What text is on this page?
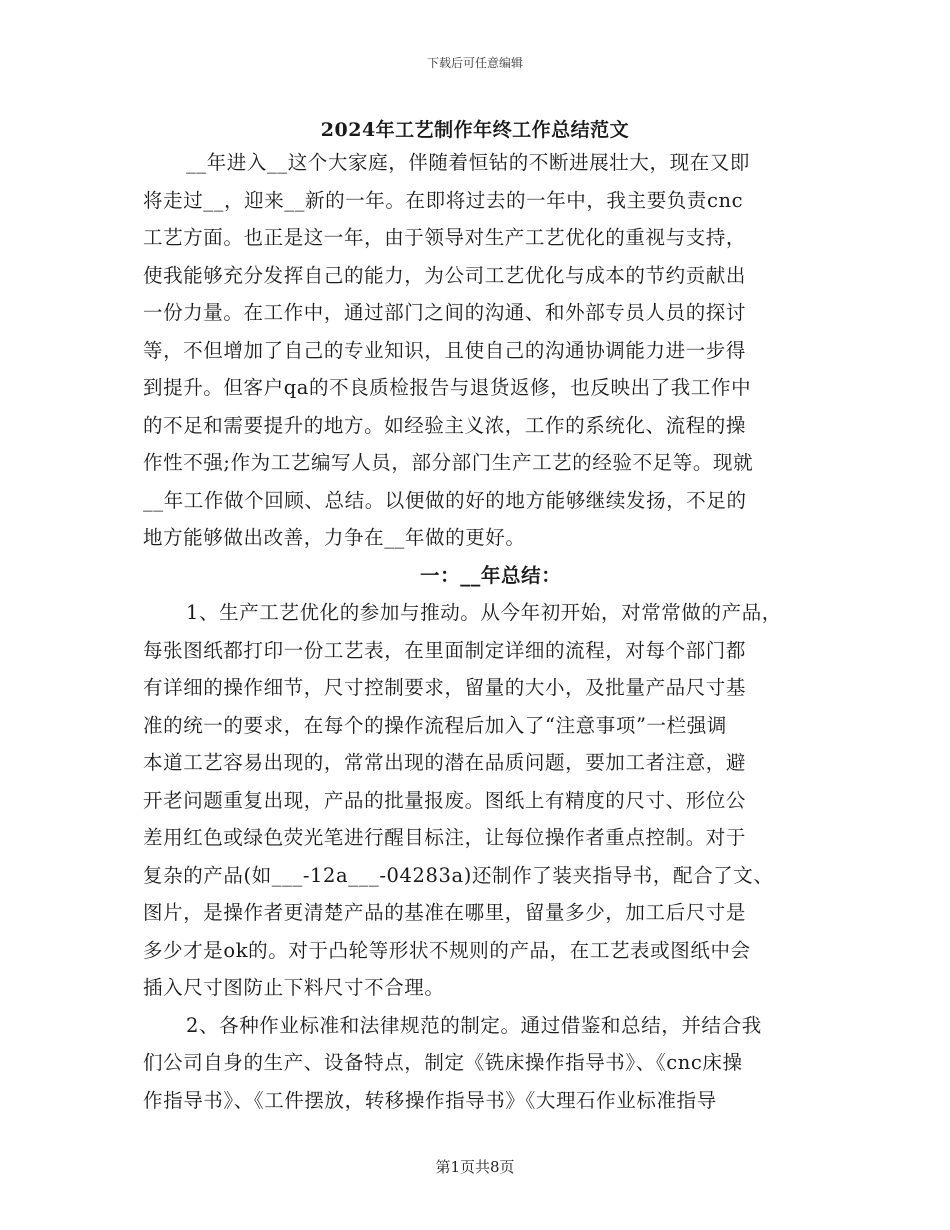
下载后可任意编辑
2024年工艺制作年终工作总结范文
__年进入__这个大家庭，伴随着恒钻的不断进展壮大，现在又即
将走过__，迎来__新的一年。在即将过去的一年中，我主要负责cnc
工艺方面。也正是这一年，由于领导对生产工艺优化的重视与支持，
使我能够充分发挥自己的能力，为公司工艺优化与成本的节约贡献出
一份力量。在工作中，通过部门之间的沟通、和外部专员人员的探讨
等，不但增加了自己的专业知识，且使自己的沟通协调能力进一步得
到提升。但客户qa的不良质检报告与退货返修，也反映出了我工作中
的不足和需要提升的地方。如经验主义浓，工作的系统化、流程的操
作性不强;作为工艺编写人员，部分部门生产工艺的经验不足等。现就
__年工作做个回顾、总结。以便做的好的地方能够继续发扬，不足的
地方能够做出改善，力争在__年做的更好。
一：__年总结：
1、生产工艺优化的参加与推动。从今年初开始，对常常做的产品，
每张图纸都打印一份工艺表，在里面制定详细的流程，对每个部门都
有详细的操作细节，尺寸控制要求，留量的大小，及批量产品尺寸基
准的统一的要求，在每个的操作流程后加入了“注意事项”一栏强调
本道工艺容易出现的，常常出现的潜在品质问题，要加工者注意，避
开老问题重复出现，产品的批量报废。图纸上有精度的尺寸、形位公
差用红色或绿色荧光笔进行醒目标注，让每位操作者重点控制。对于
复杂的产品(如___-12a___-04283a)还制作了装夹指导书，配合了文、
图片，是操作者更清楚产品的基准在哪里，留量多少，加工后尺寸是
多少才是ok的。对于凸轮等形状不规则的产品，在工艺表或图纸中会
插入尺寸图防止下料尺寸不合理。
2、各种作业标准和法律规范的制定。通过借鉴和总结，并结合我
们公司自身的生产、设备特点，制定《铣床操作指导书》、《cnc床操
作指导书》、《工件摆放，转移操作指导书》《大理石作业标准指导
第1页共8页
